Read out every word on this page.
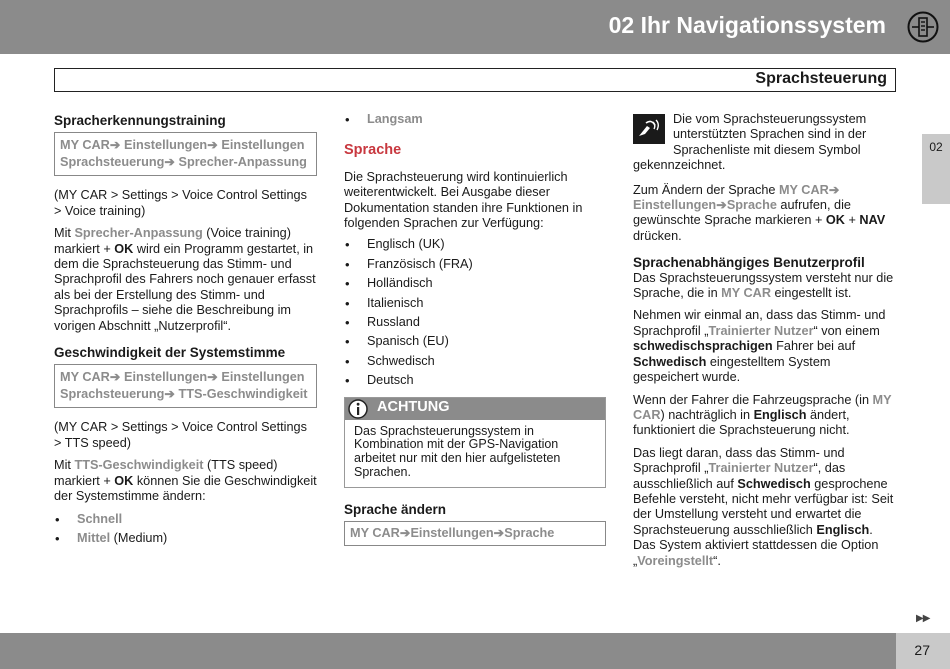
02 Ihr Navigationssystem
Sprachsteuerung
02
Spracherkennungstraining
MY CAR➔ Einstellungen➔ Einstellungen Sprachsteuerung➔ Sprecher-Anpassung

(MY CAR > Settings > Voice Control Settings > Voice training)

Mit Sprecher-Anpassung (Voice training) markiert + OK wird ein Programm gestartet, in dem die Sprachsteuerung das Stimm- und Sprachprofil des Fahrers noch genauer erfasst als bei der Erstellung des Stimm- und Sprachprofils – siehe die Beschreibung im vorigen Abschnitt „Nutzerprofil“.

Geschwindigkeit der Systemstimme
MY CAR➔ Einstellungen➔ Einstellungen Sprachsteuerung➔ TTS-Geschwindigkeit

(MY CAR > Settings > Voice Control Settings > TTS speed)

Mit TTS-Geschwindigkeit (TTS speed) markiert + OK können Sie die Geschwindigkeit der Systemstimme ändern:

• Schnell
• Mittel (Medium)
• Langsam
Sprache

Die Sprachsteuerung wird kontinuierlich weiterentwickelt. Bei Ausgabe dieser Dokumentation standen ihre Funktionen in folgenden Sprachen zur Verfügung:

• Englisch (UK)
• Französisch (FRA)
• Holländisch
• Italienisch
• Russland
• Spanisch (EU)
• Schwedisch
• Deutsch
ACHTUNG
Das Sprachsteuerungssystem in Kombination mit der GPS-Navigation arbeitet nur mit den hier aufgelisteten Sprachen.
Sprache ändern
MY CAR➔Einstellungen➔Sprache

Die vom Sprachsteuerungssystem unterstützten Sprachen sind in der Sprachenliste mit diesem Symbol gekennzeichnet.

Zum Ändern der Sprache MY CAR➔ Einstellungen➔Sprache aufrufen, die gewünschte Sprache markieren + OK + NAV drücken.

Sprachenabhängiges Benutzerprofil

Das Sprachsteuerungssystem versteht nur die Sprache, die in MY CAR eingestellt ist.

Nehmen wir einmal an, dass das Stimm- und Sprachprofil „Trainierter Nutzer“ von einem schwedischsprachigen Fahrer bei auf Schwedisch eingestelltem System gespeichert wurde.

Wenn der Fahrer die Fahrzeugsprache (in MY CAR) nachträglich in Englisch ändert, funktioniert die Sprachsteuerung nicht.

Das liegt daran, dass das Stimm- und Sprachprofil „Trainierter Nutzer“, das ausschließlich auf Schwedisch gesprochene Befehle versteht, nicht mehr verfügbar ist: Seit der Umstellung versteht und erwartet die Sprachsteuerung ausschließlich Englisch. Das System aktiviert stattdessen die Option „Voreingstellt“.

▶▶
27
